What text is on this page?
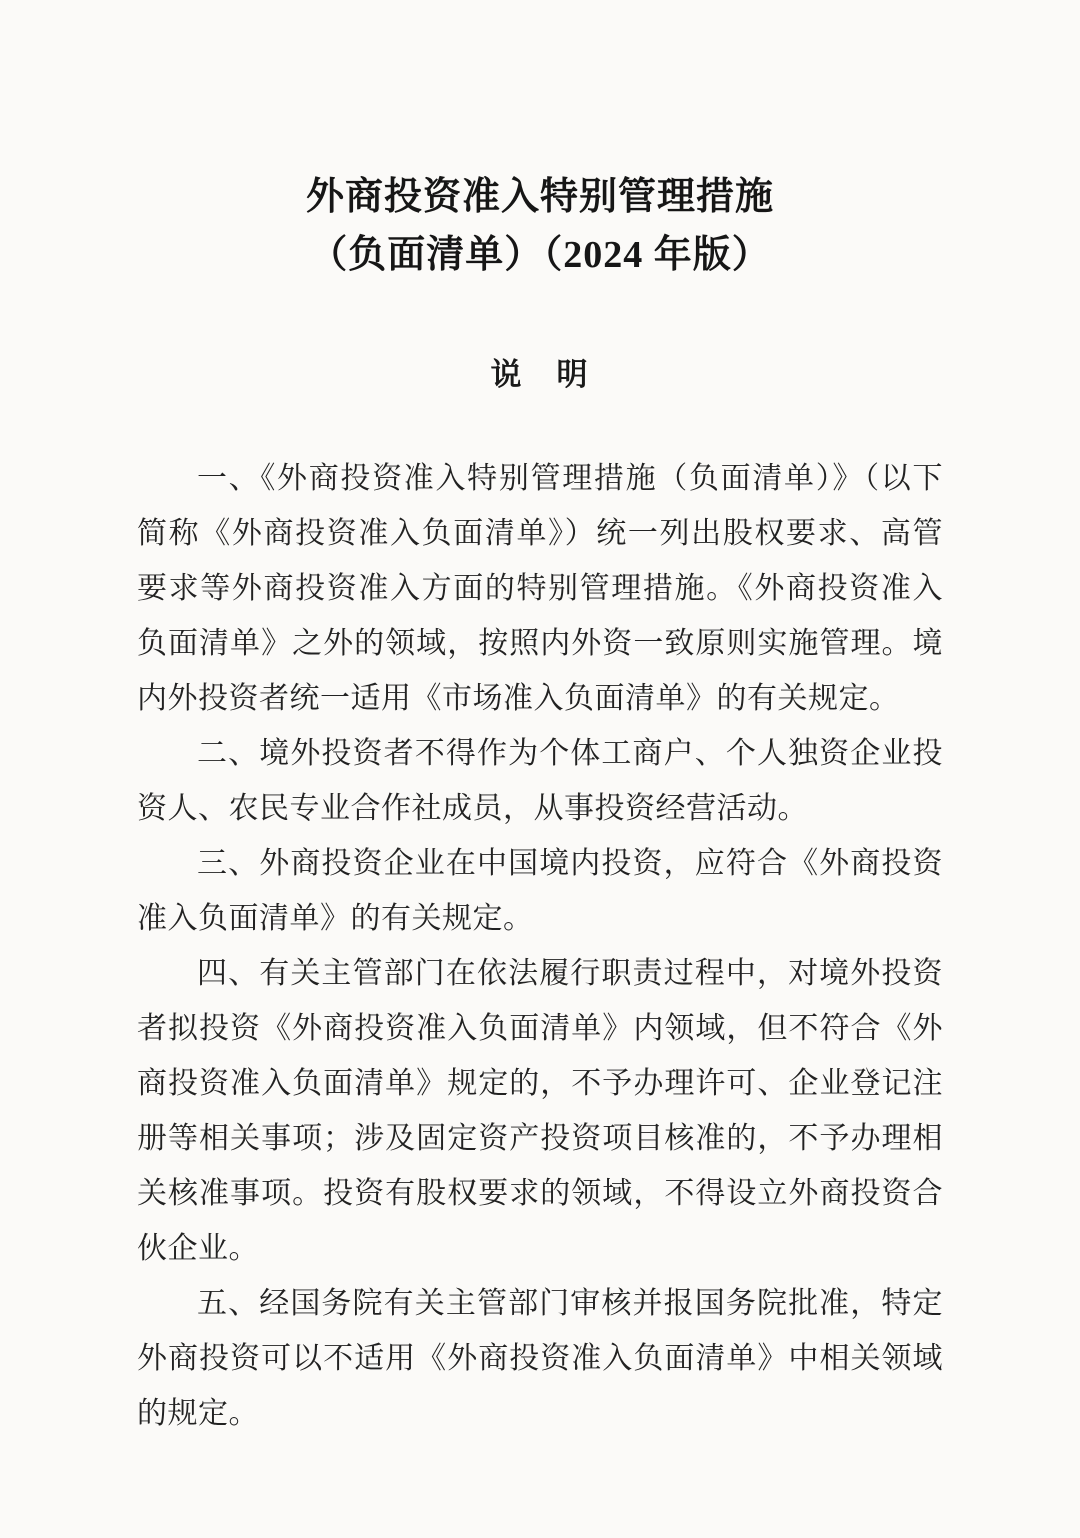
外商投资准入特别管理措施
（负面清单）（2024 年版）
说　明

一、《外商投资准入特别管理措施（负面清单）》（以下简称《外商投资准入负面清单》）统一列出股权要求、高管要求等外商投资准入方面的特别管理措施。《外商投资准入负面清单》之外的领域，按照内外资一致原则实施管理。境内外投资者统一适用《市场准入负面清单》的有关规定。

二、境外投资者不得作为个体工商户、个人独资企业投资人、农民专业合作社成员，从事投资经营活动。

三、外商投资企业在中国境内投资，应符合《外商投资准入负面清单》的有关规定。

四、有关主管部门在依法履行职责过程中，对境外投资者拟投资《外商投资准入负面清单》内领域，但不符合《外商投资准入负面清单》规定的，不予办理许可、企业登记注册等相关事项；涉及固定资产投资项目核准的，不予办理相关核准事项。投资有股权要求的领域，不得设立外商投资合伙企业。

五、经国务院有关主管部门审核并报国务院批准，特定外商投资可以不适用《外商投资准入负面清单》中相关领域的规定。
